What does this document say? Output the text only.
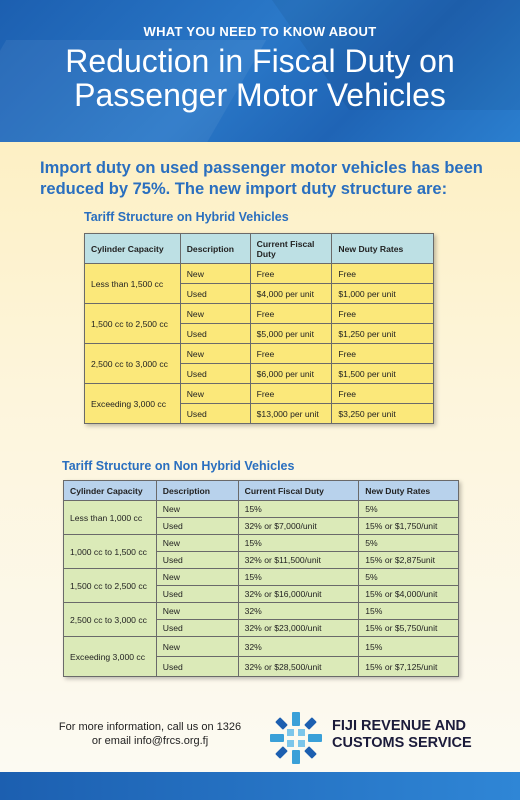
WHAT YOU NEED TO KNOW ABOUT
Reduction in Fiscal Duty on
Passenger Motor Vehicles
Import duty on used passenger motor vehicles has been
reduced by 75%. The new import duty structure are:
Tariff Structure on Hybrid Vehicles
Cylinder Capacity	Description	Current Fiscal Duty	New Duty Rates
Less than 1,500 cc	New	Free	Free
	Used	$4,000 per unit	$1,000 per unit
1,500 cc to 2,500 cc	New	Free	Free
	Used	$5,000 per unit	$1,250 per unit
2,500 cc to 3,000 cc	New	Free	Free
	Used	$6,000 per unit	$1,500 per unit
Exceeding 3,000 cc	New	Free	Free
	Used	$13,000 per unit	$3,250 per unit
Tariff Structure on Non Hybrid Vehicles
Cylinder Capacity	Description	Current Fiscal Duty	New Duty Rates
Less than 1,000 cc	New	15%	5%
	Used	32% or $7,000/unit	15% or $1,750/unit
1,000 cc to 1,500 cc	New	15%	5%
	Used	32% or $11,500/unit	15% or $2,875unit
1,500 cc to 2,500 cc	New	15%	5%
	Used	32% or $16,000/unit	15% or $4,000/unit
2,500 cc to 3,000 cc	New	32%	15%
	Used	32% or $23,000/unit	15% or $5,750/unit
Exceeding 3,000 cc	New	32%	15%
	Used	32% or $28,500/unit	15% or $7,125/unit
For more information, call us on 1326
or email info@frcs.org.fj
FIJI REVENUE AND
CUSTOMS SERVICE
